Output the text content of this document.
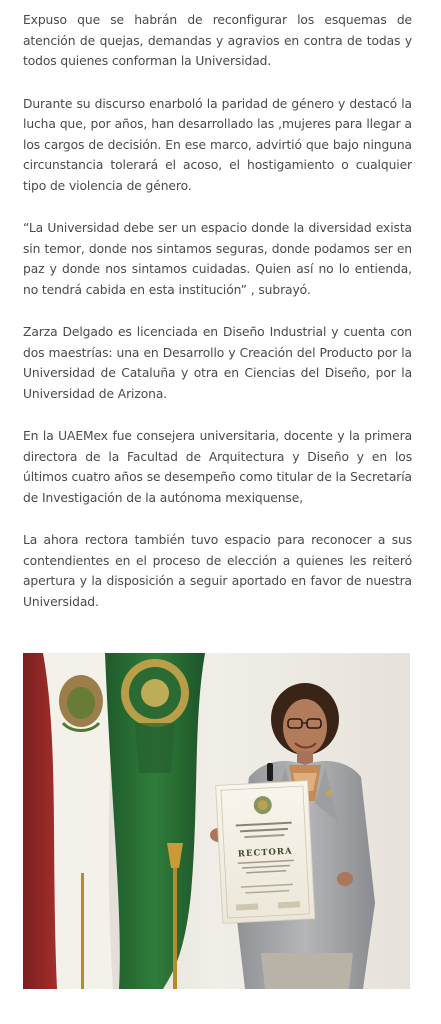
Expuso que se habrán de reconfigurar los esquemas de atención de quejas, demandas y agravios en contra de todas y todos quienes conforman la Universidad.

Durante su discurso enarboló la paridad de género y destacó la lucha que, por años, han desarrollado las ,mujeres para llegar a los cargos de decisión. En ese marco, advirtió que bajo ninguna circunstancia tolerará el acoso, el hostigamiento o cualquier tipo de violencia de género.

“La Universidad debe ser un espacio donde la diversidad exista sin temor, donde nos sintamos seguras, donde podamos ser en paz y donde nos sintamos cuidadas. Quien así no lo entienda, no tendrá cabida en esta institución” , subrayó.

Zarza Delgado es licenciada en Diseño Industrial y cuenta con dos maestrías: una en Desarrollo y Creación del Producto por la Universidad de Cataluña y otra en Ciencias del Diseño, por la Universidad de Arizona.

En la UAEMex fue consejera universitaria, docente y la primera directora de la Facultad de Arquitectura y Diseño y en los últimos cuatro años se desempeño como titular de la Secretaría de Investigación de la autónoma mexiquense,

La ahora rectora también tuvo espacio para reconocer a sus contendientes en el proceso de elección a quienes les reiteró apertura y la disposición a seguir aportado en favor de nuestra Universidad.

RECTORA
